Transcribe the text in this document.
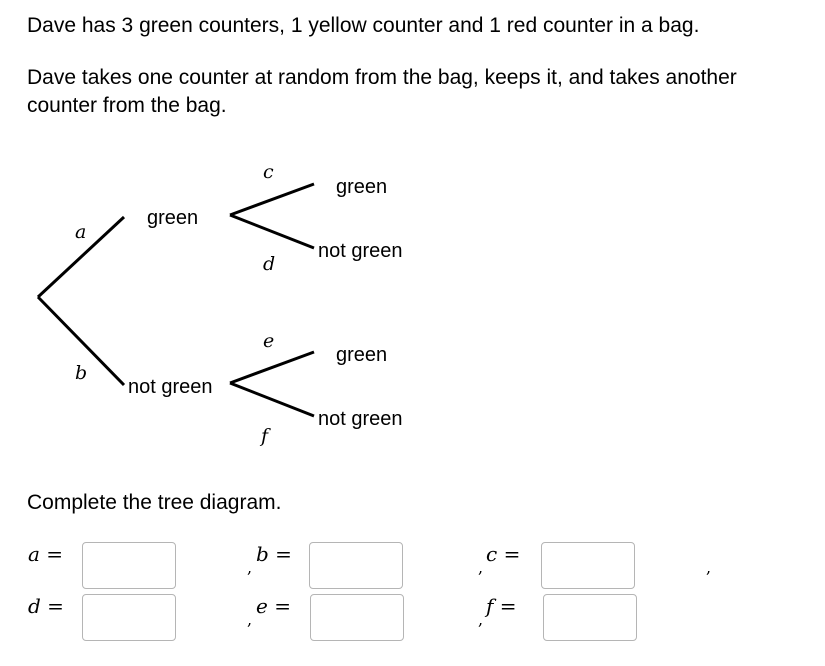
Dave has 3 green counters, 1 yellow counter and 1 red counter in a bag.

Dave takes one counter at random from the bag, keeps it, and takes another counter from the bag.

a
b
green
not green
c
d
green
not green
e
f
green
not green

Complete the tree diagram.

a =
,
b =
,
c =
,
d =
,
e =
,
f =
